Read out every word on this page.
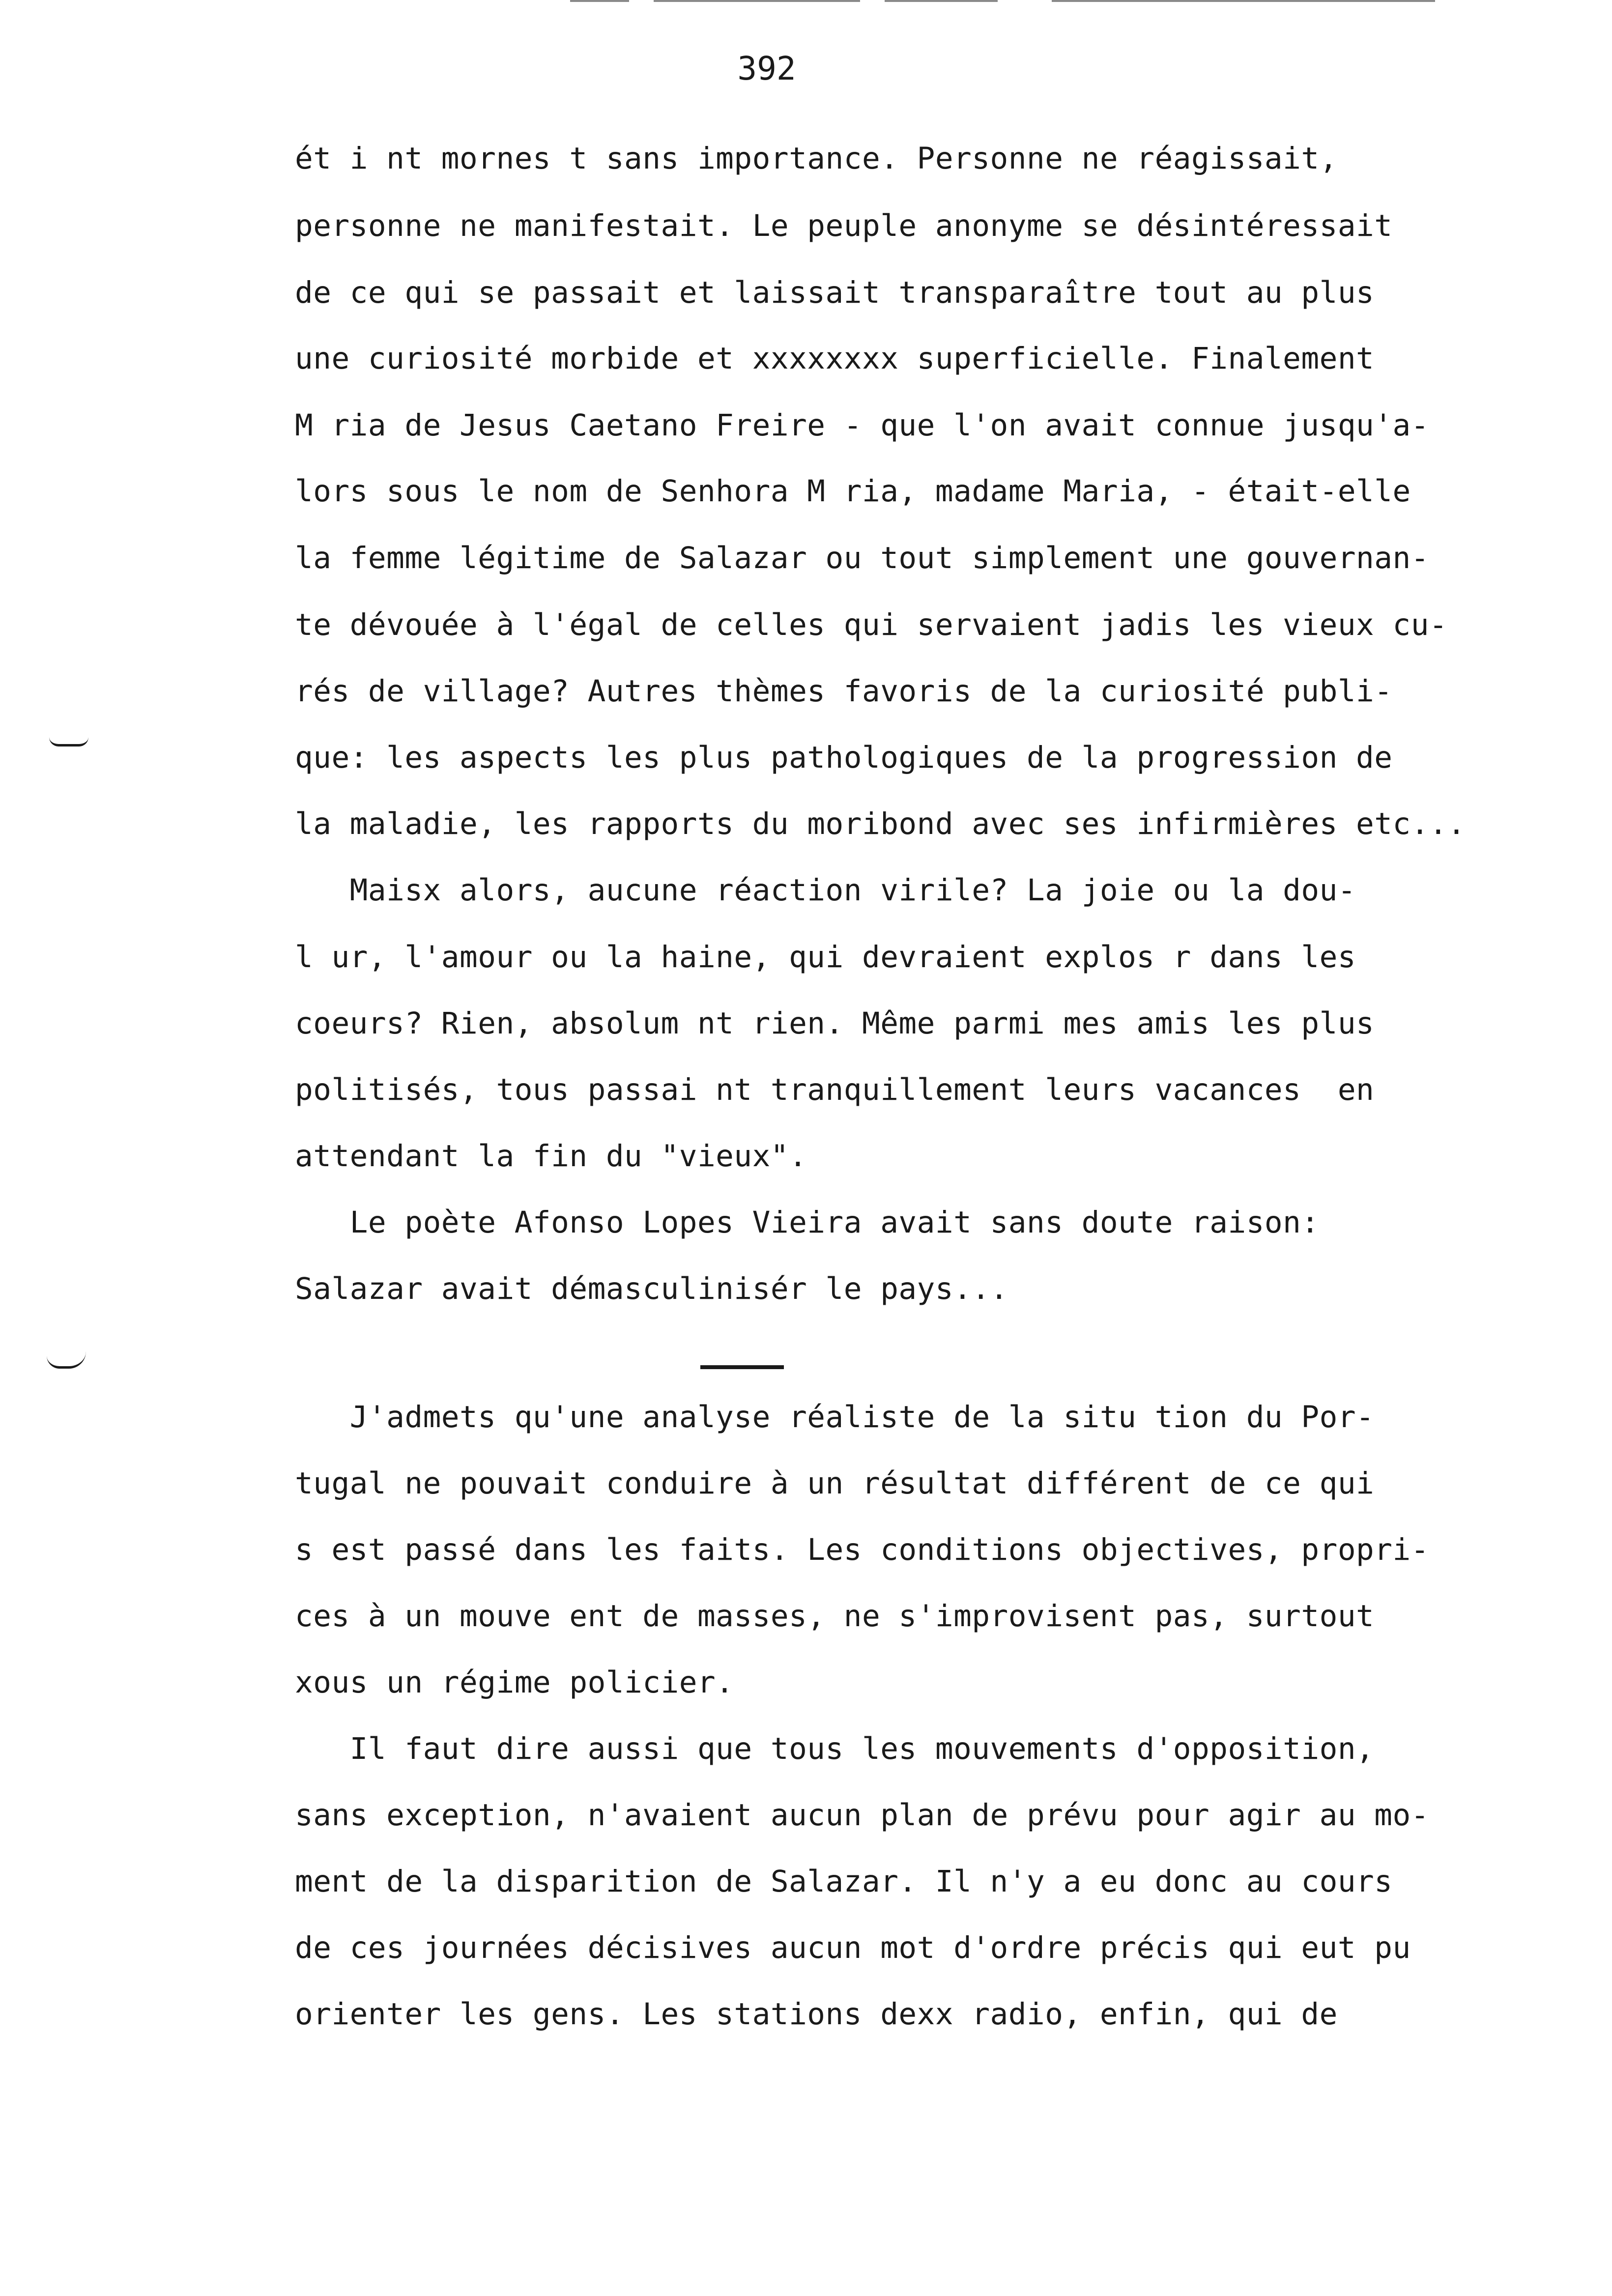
392
ét i nt mornes t sans importance. Personne ne réagissait,
personne ne manifestait. Le peuple anonyme se désintéressait
de ce qui se passait et laissait transparaître tout au plus
une curiosité morbide et xxxxxxxx superficielle. Finalement
M ria de Jesus Caetano Freire - que l'on avait connue jusqu'a-
lors sous le nom de Senhora M ria, madame Maria, - était-elle
la femme légitime de Salazar ou tout simplement une gouvernan-
te dévouée à l'égal de celles qui servaient jadis les vieux cu-
rés de village? Autres thèmes favoris de la curiosité publi-
que: les aspects les plus pathologiques de la progression de
la maladie, les rapports du moribond avec ses infirmières etc...
Maisx alors, aucune réaction virile? La joie ou la dou-
l ur, l'amour ou la haine, qui devraient explos r dans les
coeurs? Rien, absolum nt rien. Même parmi mes amis les plus
politisés, tous passai nt tranquillement leurs vacances  en
attendant la fin du "vieux".
Le poète Afonso Lopes Vieira avait sans doute raison:
Salazar avait démasculinisér le pays...
J'admets qu'une analyse réaliste de la situ tion du Por-
tugal ne pouvait conduire à un résultat différent de ce qui
s est passé dans les faits. Les conditions objectives, propri-
ces à un mouve ent de masses, ne s'improvisent pas, surtout
xous un régime policier.
Il faut dire aussi que tous les mouvements d'opposition,
sans exception, n'avaient aucun plan de prévu pour agir au mo-
ment de la disparition de Salazar. Il n'y a eu donc au cours
de ces journées décisives aucun mot d'ordre précis qui eut pu
orienter les gens. Les stations dexx radio, enfin, qui de
